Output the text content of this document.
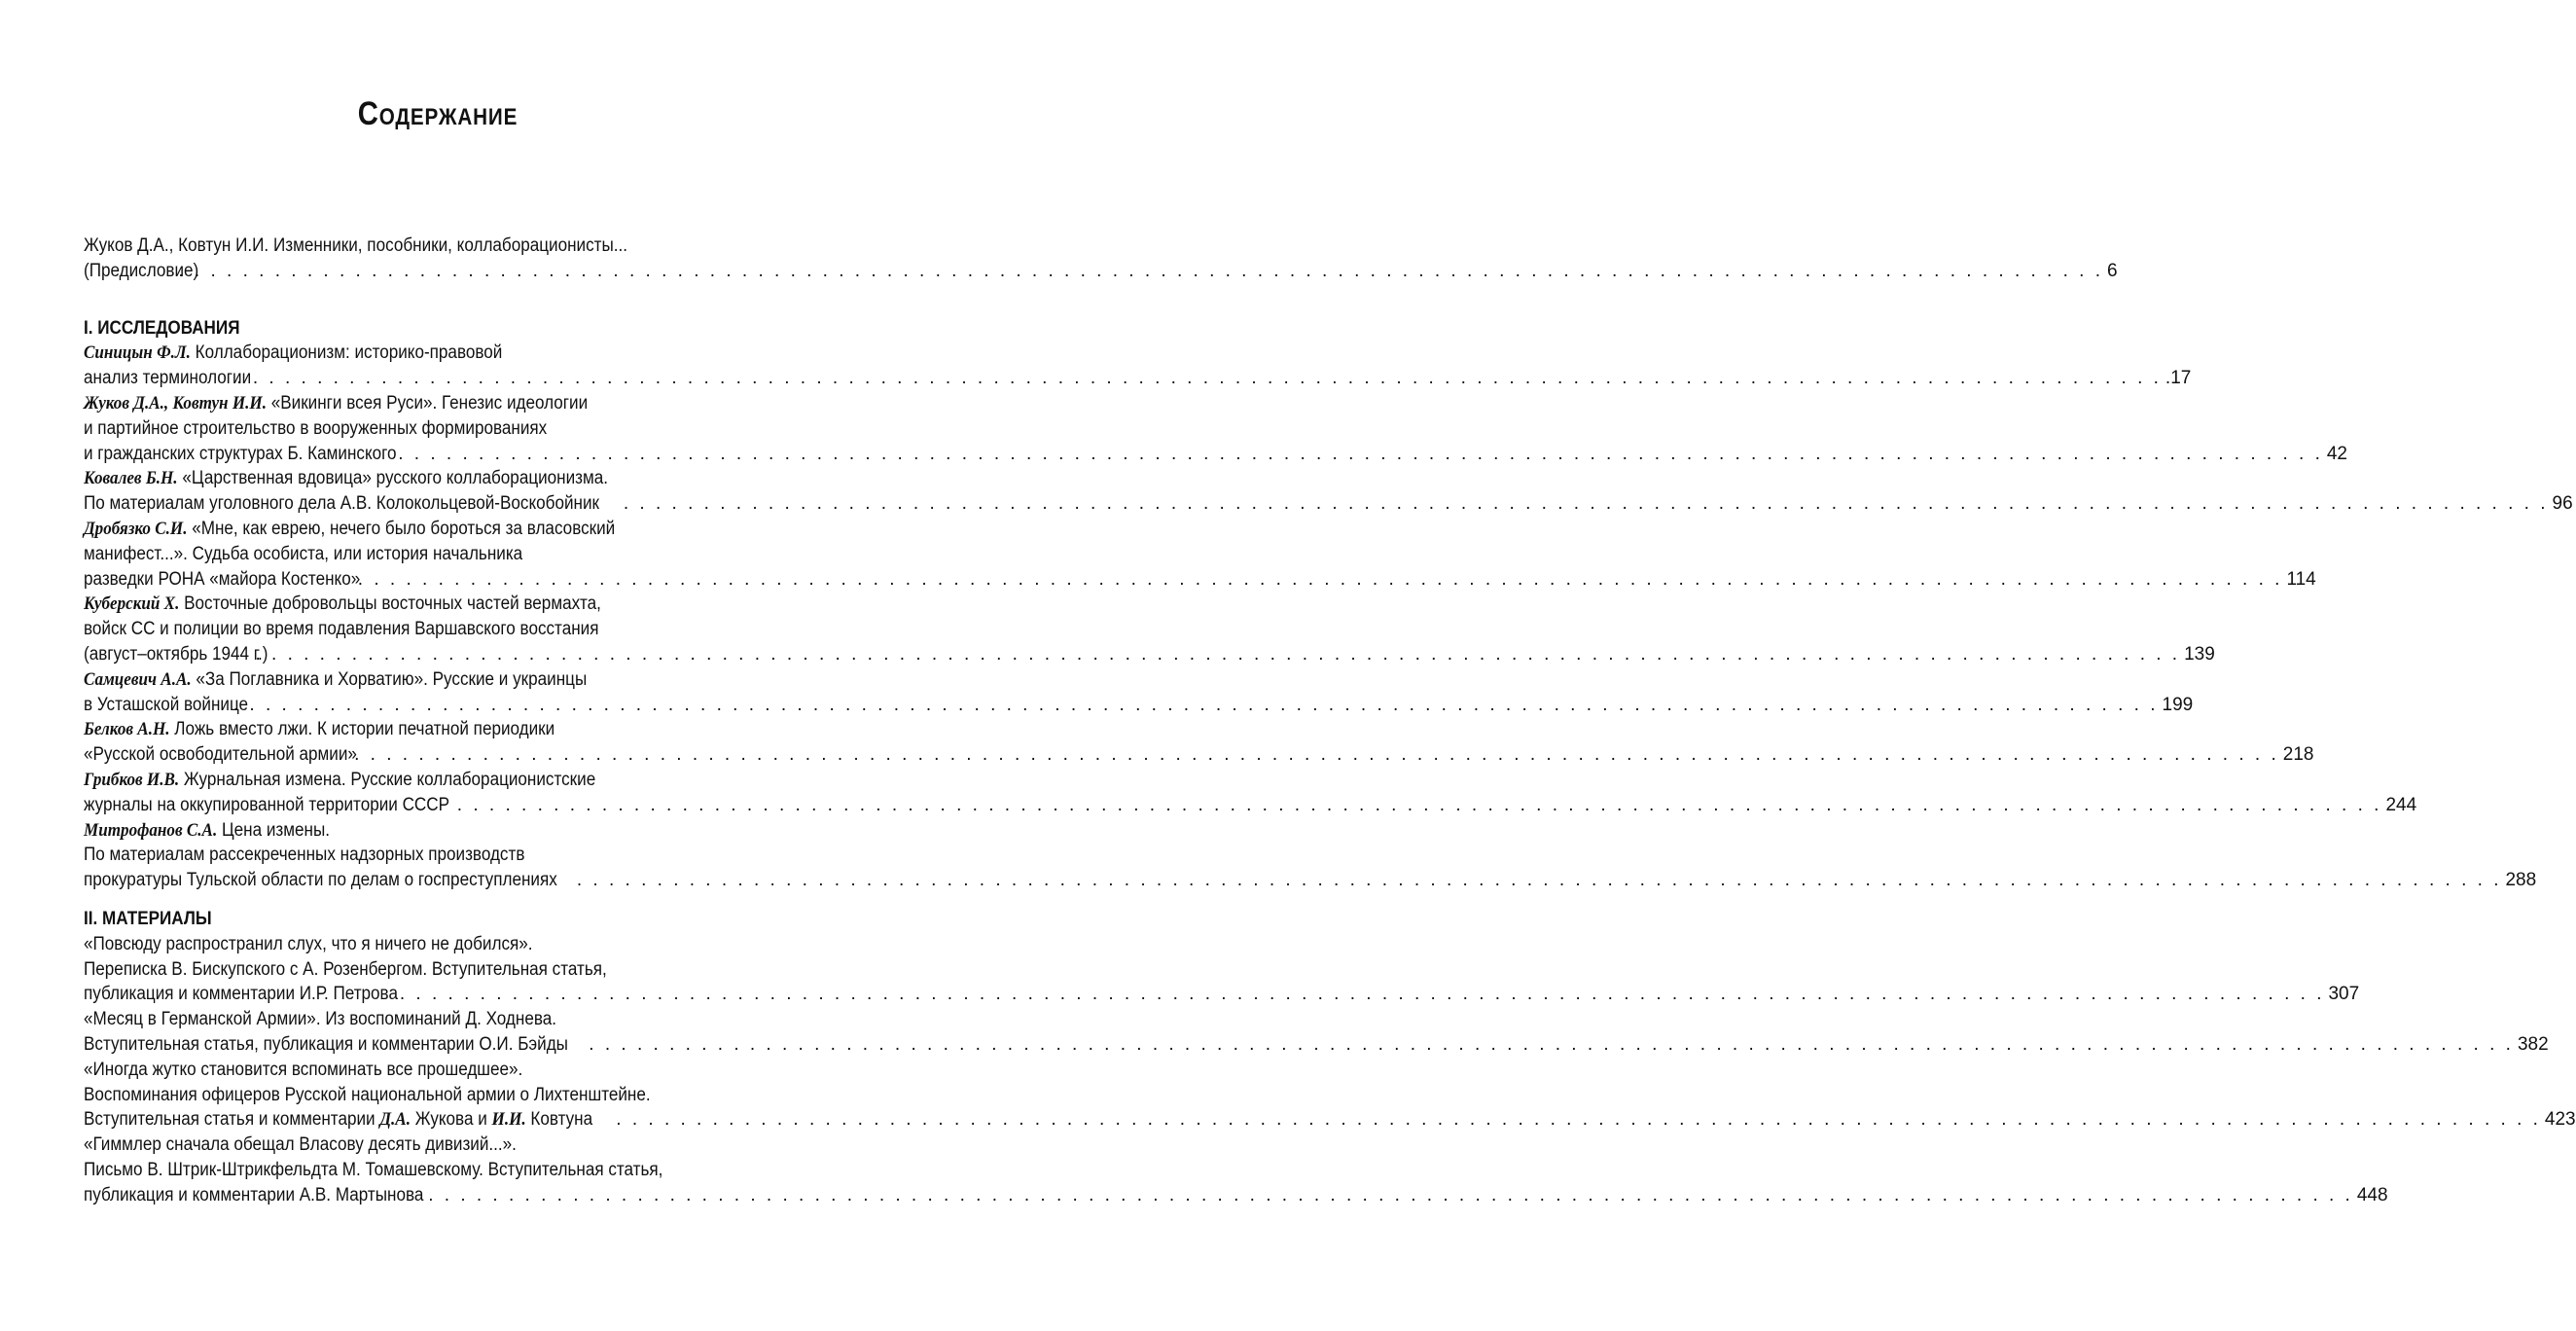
Содержание
Жуков Д.А., Ковтун И.И. Изменники, пособники, коллаборационисты...
(Предисловие)
. . . . . . . . . . . . . . . . . . . . . . . . . . . . . . . . . . . . . . . . . . . . . . . . . . . . . . . . . . . . . . . . . . . . . . . . . . . . . . . . . . . . . . . . . . . . . . . . . . . . . . . . . . . . . . . . . . . . . . . . 6
I. ИССЛЕДОВАНИЯ
Синицын Ф.Л. Коллаборационизм: историко-правовой
анализ терминологии
. . . . . . . . . . . . . . . . . . . . . . . . . . . . . . . . . . . . . . . . . . . . . . . . . . . . . . . . . . . . . . . . . . . . . . . . . . . . . . . . . . . . . . . . . . . . . . . . . . . . . . . . . . . . . . . . . . . . . . . . .17
Жуков Д.А., Ковтун И.И. «Викинги всея Руси». Генезис идеологии
и партийное строительство в вооруженных формированиях
и гражданских структурах Б. Каминского . . . . . . . . . . . . . . . . . . . . . . . . . . . . . . . . . . . . . . . . . . . . . . . . . . . . . . . . . . . . . . . . . . . . . . . . . . . . . . . . . . . . . . . . . . . . . . . . . . . . . . . . . . . . . . . . . . . . . . . . 42
Ковалев Б.Н. «Царственная вдовица» русского коллаборационизма.
По материалам уголовного дела А.В. Колокольцевой-Воскобойник . . . . . . . . . . . . . . . . . . . . . . . . . . . . . . . . . . . . . . . . . . . . . . . . . . . . . . . . . . . . . . . . . . . . . . . . . . . . . . . . . . . . . . . . . . . . . . . . . . . . . . . . . . . . . . . . . . . . . . . . 96
Дробязко С.И. «Мне, как еврею, нечего было бороться за власовский
манифест...». Судьба особиста, или история начальника
разведки РОНА «майора Костенко»
. . . . . . . . . . . . . . . . . . . . . . . . . . . . . . . . . . . . . . . . . . . . . . . . . . . . . . . . . . . . . . . . . . . . . . . . . . . . . . . . . . . . . . . . . . . . . . . . . . . . . . . . . . . . . . . . . . . . . . . . 114
Куберский Х. Восточные добровольцы восточных частей вермахта,
войск СС и полиции во время подавления Варшавского восстания
(август–октябрь 1944 г.)
. . . . . . . . . . . . . . . . . . . . . . . . . . . . . . . . . . . . . . . . . . . . . . . . . . . . . . . . . . . . . . . . . . . . . . . . . . . . . . . . . . . . . . . . . . . . . . . . . . . . . . . . . . . . . . . . . . . . . . . . 139
Самцевич А.А. «За Поглавника и Хорватию». Русские и украинцы
в Усташской войнице
. . . . . . . . . . . . . . . . . . . . . . . . . . . . . . . . . . . . . . . . . . . . . . . . . . . . . . . . . . . . . . . . . . . . . . . . . . . . . . . . . . . . . . . . . . . . . . . . . . . . . . . . . . . . . . . . . . . . . . . . 199
Белков А.Н. Ложь вместо лжи. К истории печатной периодики
«Русской освободительной армии»
. . . . . . . . . . . . . . . . . . . . . . . . . . . . . . . . . . . . . . . . . . . . . . . . . . . . . . . . . . . . . . . . . . . . . . . . . . . . . . . . . . . . . . . . . . . . . . . . . . . . . . . . . . . . . . . . . . . . . . . . 218
Грибков И.В. Журнальная измена. Русские коллаборационистские
журналы на оккупированной территории СССР . . . . . . . . . . . . . . . . . . . . . . . . . . . . . . . . . . . . . . . . . . . . . . . . . . . . . . . . . . . . . . . . . . . . . . . . . . . . . . . . . . . . . . . . . . . . . . . . . . . . . . . . . . . . . . . . . . . . . . . . 244
Митрофанов С.А. Цена измены.
По материалам рассекреченных надзорных производств
прокуратуры Тульской области по делам о госпреступлениях . . . . . . . . . . . . . . . . . . . . . . . . . . . . . . . . . . . . . . . . . . . . . . . . . . . . . . . . . . . . . . . . . . . . . . . . . . . . . . . . . . . . . . . . . . . . . . . . . . . . . . . . . . . . . . . . . . . . . . . . 288
II. МАТЕРИАЛЫ
«Повсюду распространил слух, что я ничего не добился».
Переписка В. Бискупского с А. Розенбергом. Вступительная статья,
публикация и комментарии И.Р. Петрова . . . . . . . . . . . . . . . . . . . . . . . . . . . . . . . . . . . . . . . . . . . . . . . . . . . . . . . . . . . . . . . . . . . . . . . . . . . . . . . . . . . . . . . . . . . . . . . . . . . . . . . . . . . . . . . . . . . . . . . . 307
«Месяц в Германской Армии». Из воспоминаний Д. Ходнева.
Вступительная статья, публикация и комментарии О.И. Бэйды . . . . . . . . . . . . . . . . . . . . . . . . . . . . . . . . . . . . . . . . . . . . . . . . . . . . . . . . . . . . . . . . . . . . . . . . . . . . . . . . . . . . . . . . . . . . . . . . . . . . . . . . . . . . . . . . . . . . . . . . 382
«Иногда жутко становится вспоминать все прошедшее».
Воспоминания офицеров Русской национальной армии о Лихтенштейне.
Вступительная статья и комментарии Д.А. Жукова и И.И. Ковтуна . . . . . . . . . . . . . . . . . . . . . . . . . . . . . . . . . . . . . . . . . . . . . . . . . . . . . . . . . . . . . . . . . . . . . . . . . . . . . . . . . . . . . . . . . . . . . . . . . . . . . . . . . . . . . . . . . . . . . . . . 423
«Гиммлер сначала обещал Власову десять дивизий...».
Письмо В. Штрик-Штрикфельдта М. Томашевскому. Вступительная статья,
публикация и комментарии А.В. Мартынова . . . . . . . . . . . . . . . . . . . . . . . . . . . . . . . . . . . . . . . . . . . . . . . . . . . . . . . . . . . . . . . . . . . . . . . . . . . . . . . . . . . . . . . . . . . . . . . . . . . . . . . . . . . . . . . . . . . . . . . . 448
